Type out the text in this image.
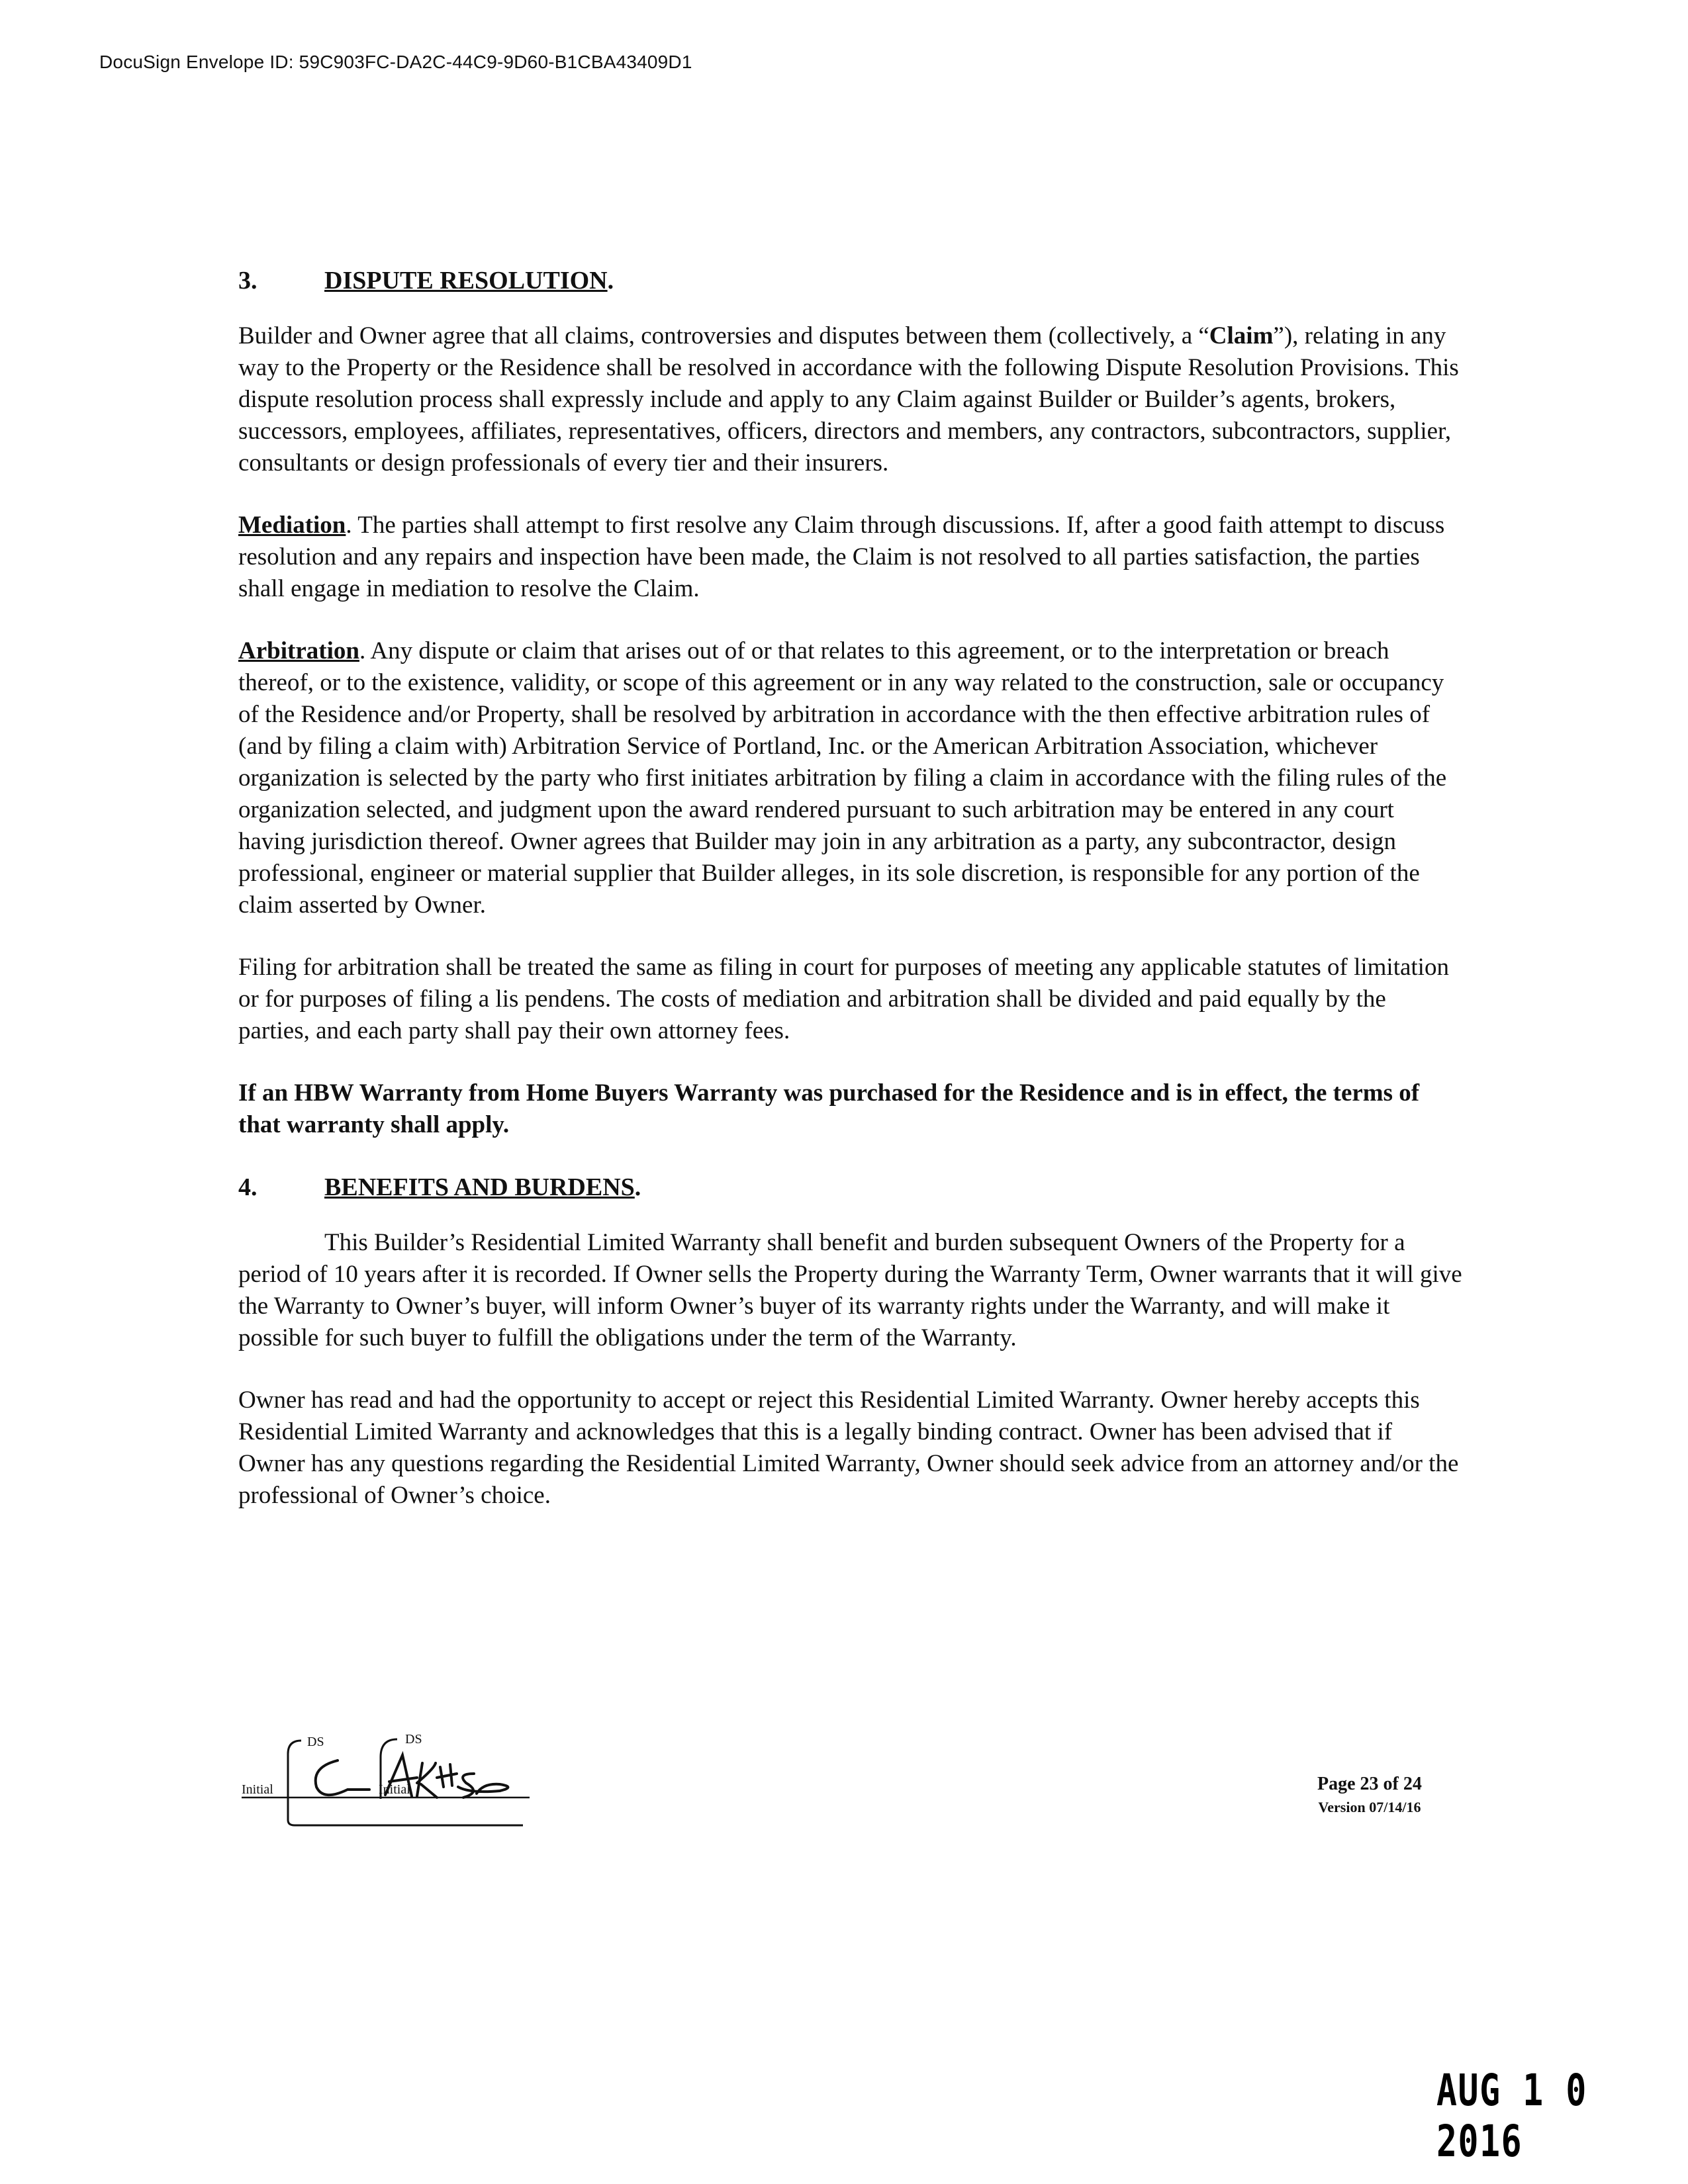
DocuSign Envelope ID: 59C903FC-DA2C-44C9-9D60-B1CBA43409D1
3.	DISPUTE RESOLUTION.

Builder and Owner agree that all claims, controversies and disputes between them (collectively, a “Claim”), relating in any way to the Property or the Residence shall be resolved in accordance with the following Dispute Resolution Provisions. This dispute resolution process shall expressly include and apply to any Claim against Builder or Builder’s agents, brokers, successors, employees, affiliates, representatives, officers, directors and members, any contractors, subcontractors, supplier, consultants or design professionals of every tier and their insurers.

Mediation. The parties shall attempt to first resolve any Claim through discussions. If, after a good faith attempt to discuss resolution and any repairs and inspection have been made, the Claim is not resolved to all parties satisfaction, the parties shall engage in mediation to resolve the Claim.

Arbitration. Any dispute or claim that arises out of or that relates to this agreement, or to the interpretation or breach thereof, or to the existence, validity, or scope of this agreement or in any way related to the construction, sale or occupancy of the Residence and/or Property, shall be resolved by arbitration in accordance with the then effective arbitration rules of (and by filing a claim with) Arbitration Service of Portland, Inc. or the American Arbitration Association, whichever organization is selected by the party who first initiates arbitration by filing a claim in accordance with the filing rules of the organization selected, and judgment upon the award rendered pursuant to such arbitration may be entered in any court having jurisdiction thereof. Owner agrees that Builder may join in any arbitration as a party, any subcontractor, design professional, engineer or material supplier that Builder alleges, in its sole discretion, is responsible for any portion of the claim asserted by Owner.

Filing for arbitration shall be treated the same as filing in court for purposes of meeting any applicable statutes of limitation or for purposes of filing a lis pendens. The costs of mediation and arbitration shall be divided and paid equally by the parties, and each party shall pay their own attorney fees.

If an HBW Warranty from Home Buyers Warranty was purchased for the Residence and is in effect, the terms of that warranty shall apply.

4.	BENEFITS AND BURDENS.

This Builder’s Residential Limited Warranty shall benefit and burden subsequent Owners of the Property for a period of 10 years after it is recorded. If Owner sells the Property during the Warranty Term, Owner warrants that it will give the Warranty to Owner’s buyer, will inform Owner’s buyer of its warranty rights under the Warranty, and will make it possible for such buyer to fulfill the obligations under the term of the Warranty.

Owner has read and had the opportunity to accept or reject this Residential Limited Warranty. Owner hereby accepts this Residential Limited Warranty and acknowledges that this is a legally binding contract. Owner has been advised that if Owner has any questions regarding the Residential Limited Warranty, Owner should seek advice from an attorney and/or the professional of Owner’s choice.

DS	DS
Initial	Initial	Page 23 of 24
Version 07/14/16
AUG 1 0 2016
